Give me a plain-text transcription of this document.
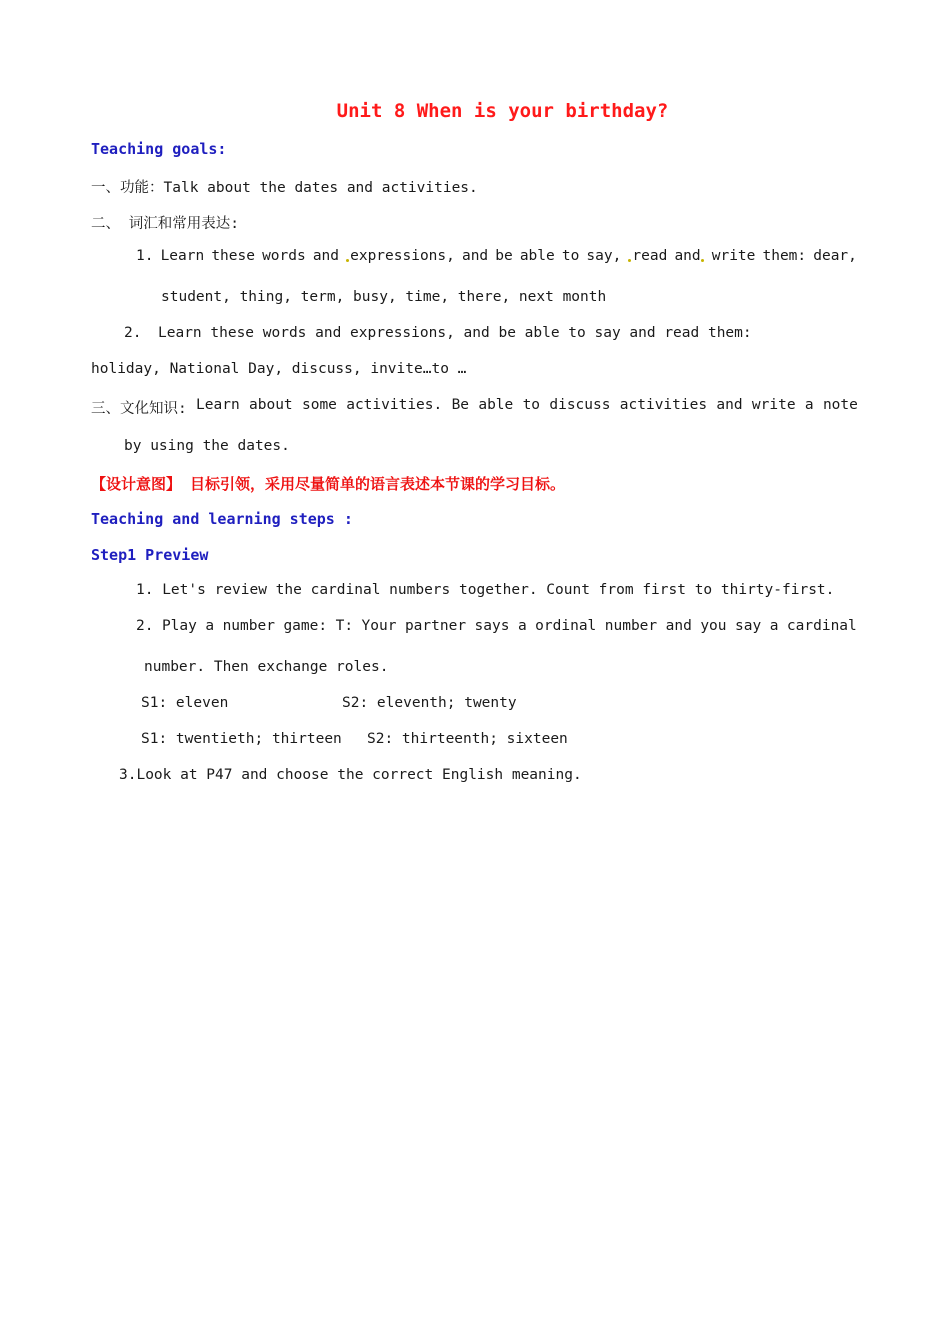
Unit 8 When is your birthday?
Teaching goals:
一、功能：Talk about the dates and activities.
二、 词汇和常用表达:
1. Learn these words and expressions, and be able to say, read and write them: dear,
student, thing, term, busy, time, there, next month
2. Learn these words and expressions, and be able to say and read them:
holiday, National Day, discuss, invite…to …
三、文化知识: Learn about some activities. Be able to discuss activities and write a note
by using the dates.
【设计意图】 目标引领，采用尽量简单的语言表述本节课的学习目标。
Teaching and learning steps :
Step1 Preview
1. Let's review the cardinal numbers together. Count from first to thirty-first.
2. Play a number game: T: Your partner says a ordinal number and you say a cardinal
number. Then exchange roles.
S1: eleven	S2: eleventh; twenty
S1: twentieth; thirteen S2: thirteenth; sixteen
3.Look at P47 and choose the correct English meaning.
